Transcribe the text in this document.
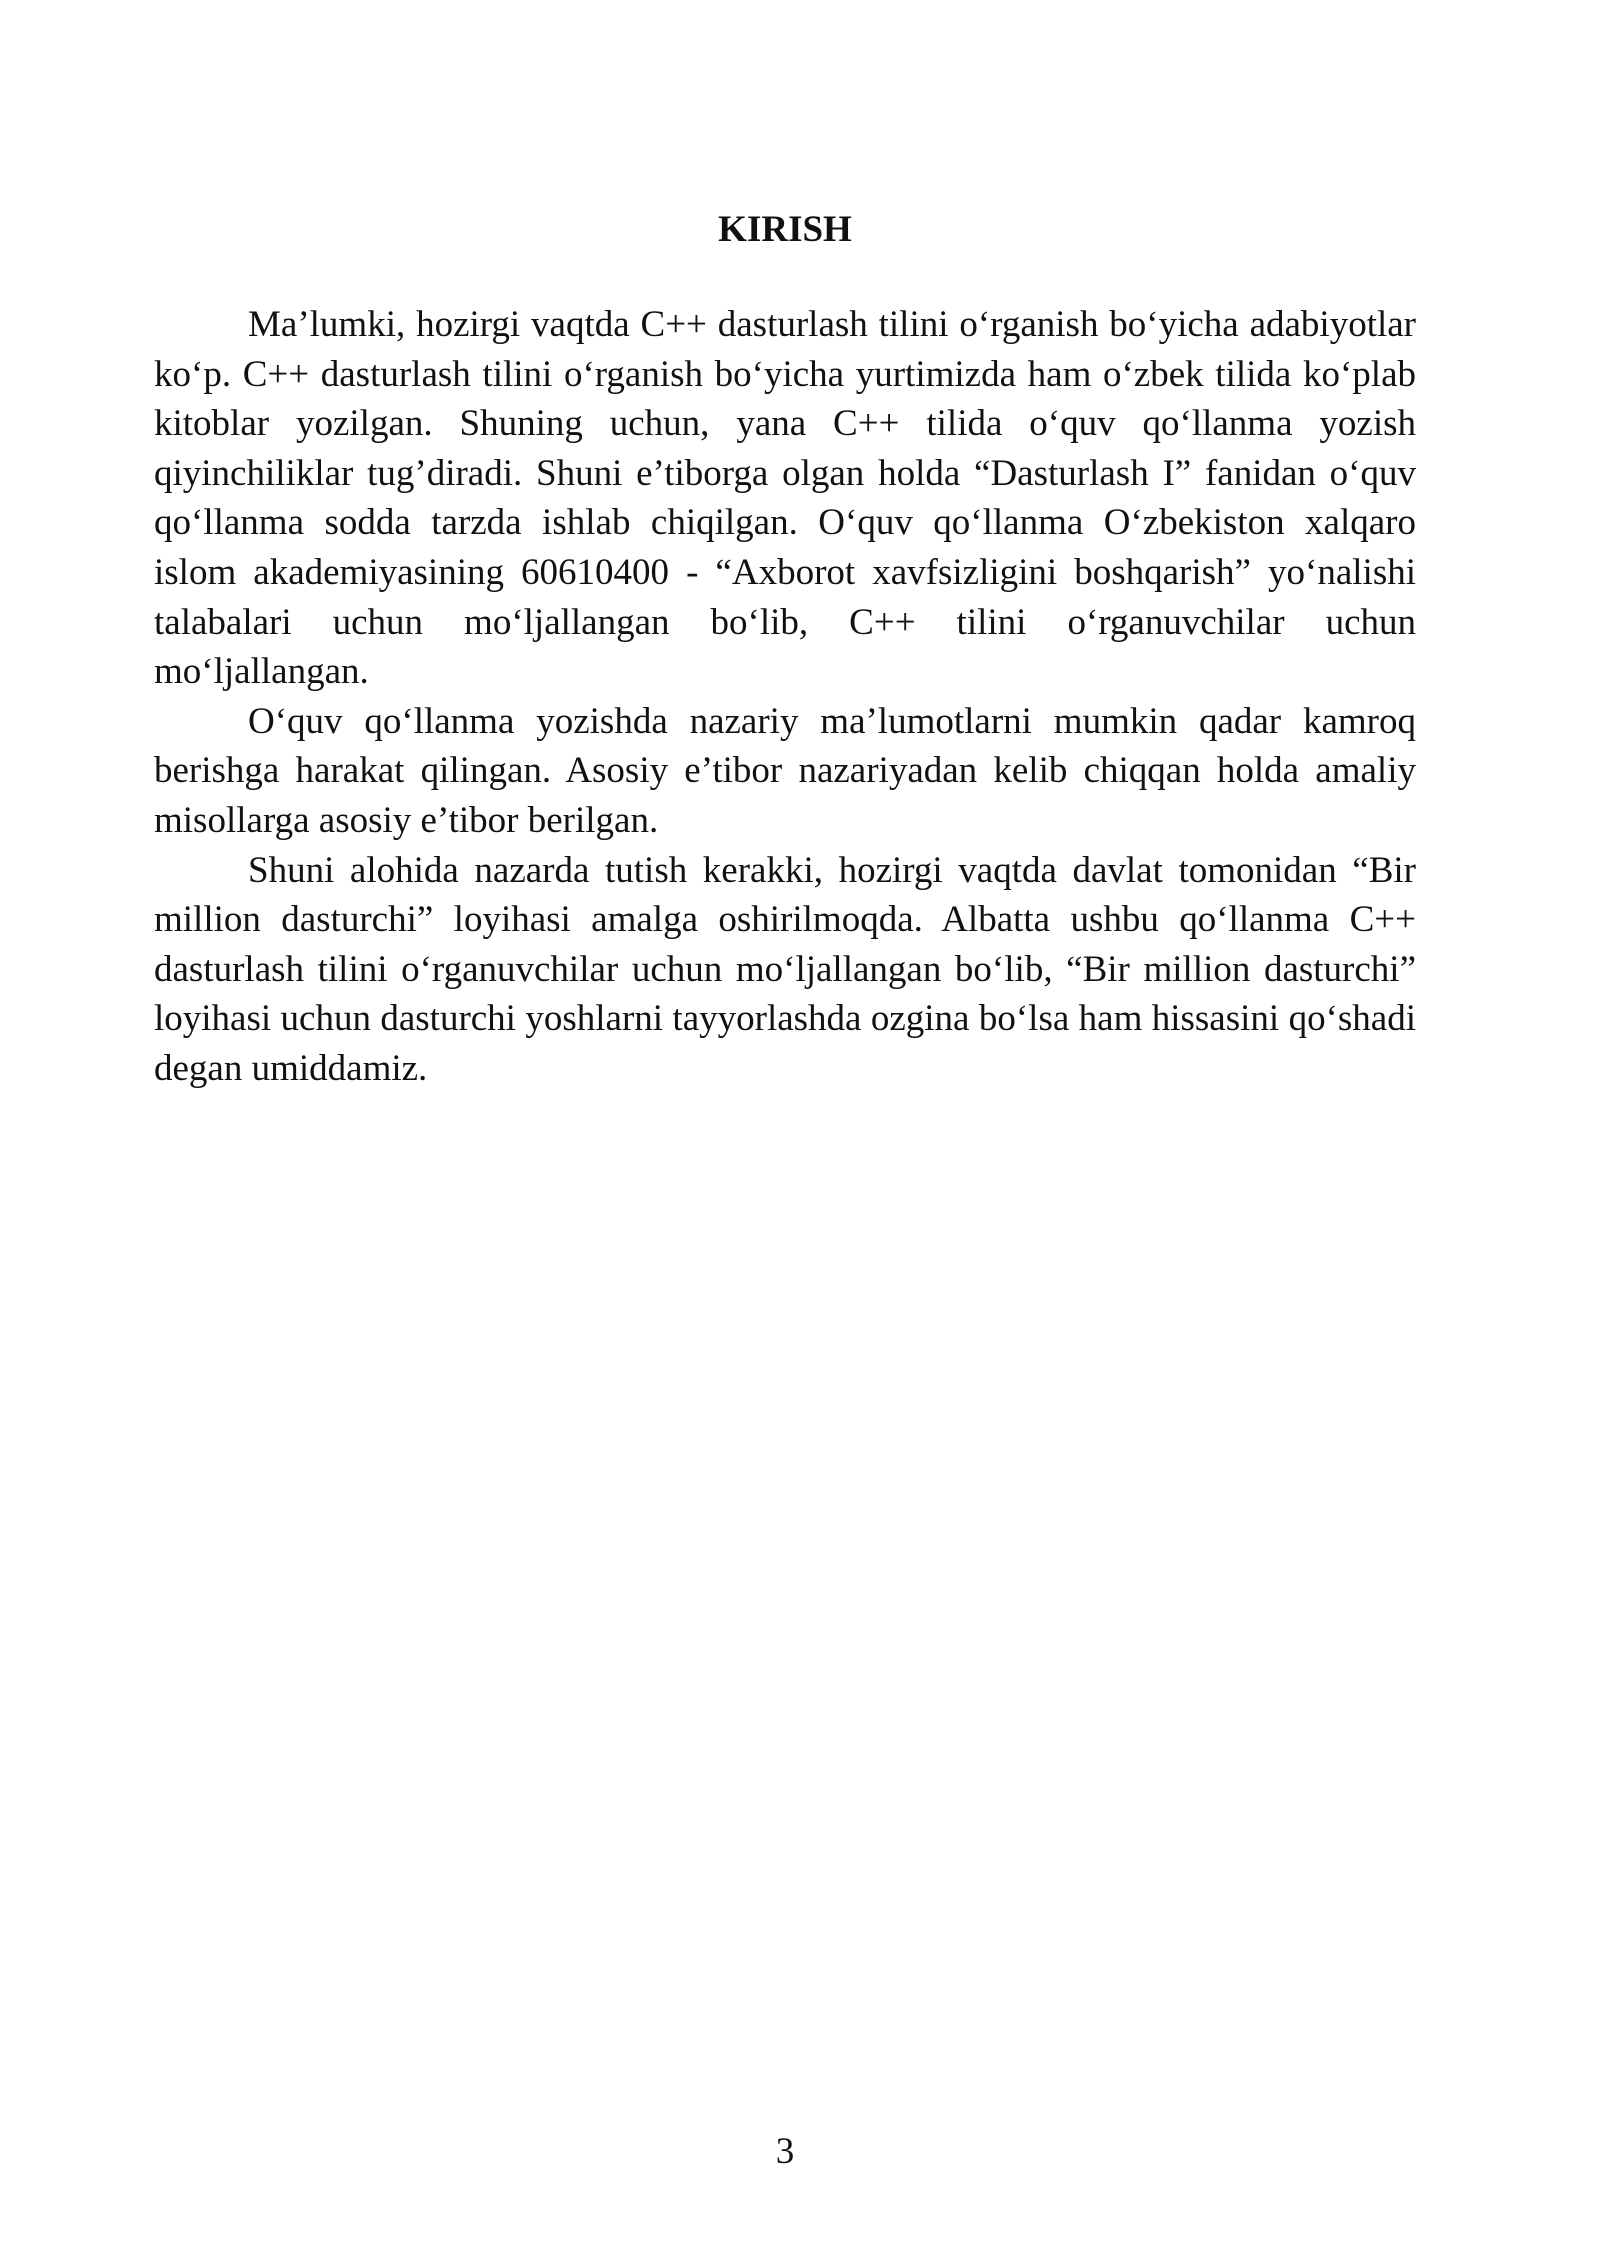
KIRISH

Ma’lumki, hozirgi vaqtda C++ dasturlash tilini o‘rganish bo‘yicha adabiyotlar ko‘p. C++ dasturlash tilini o‘rganish bo‘yicha yurtimizda ham o‘zbek tilida ko‘plab kitoblar yozilgan. Shuning uchun, yana C++ tilida o‘quv qo‘llanma yozish qiyinchiliklar tug’diradi. Shuni e’tiborga olgan holda “Dasturlash I” fanidan o‘quv qo‘llanma sodda tarzda ishlab chiqilgan. O‘quv qo‘llanma O‘zbekiston xalqaro islom akademiyasining 60610400 - “Axborot xavfsizligini boshqarish” yo‘nalishi talabalari uchun mo‘ljallangan bo‘lib, C++ tilini o‘rganuvchilar uchun mo‘ljallangan.

O‘quv qo‘llanma yozishda nazariy ma’lumotlarni mumkin qadar kamroq berishga harakat qilingan. Asosiy e’tibor nazariyadan kelib chiqqan holda amaliy misollarga asosiy e’tibor berilgan.

Shuni alohida nazarda tutish kerakki, hozirgi vaqtda davlat tomonidan “Bir million dasturchi” loyihasi amalga oshirilmoqda. Albatta ushbu qo‘llanma C++ dasturlash tilini o‘rganuvchilar uchun mo‘ljallangan bo‘lib, “Bir million dasturchi” loyihasi uchun dasturchi yoshlarni tayyorlashda ozgina bo‘lsa ham hissasini qo‘shadi degan umiddamiz.

3
